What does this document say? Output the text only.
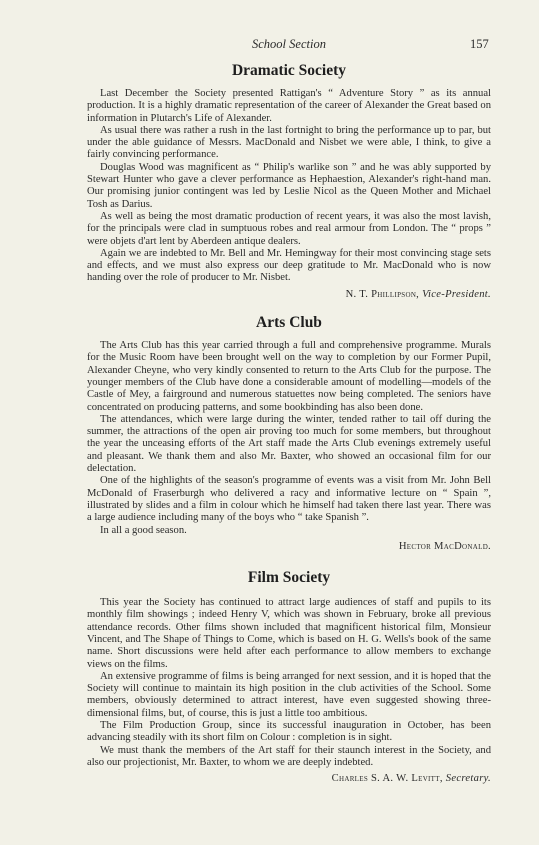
School Section	157
Dramatic Society

Last December the Society presented Rattigan's “ Adventure Story ” as its annual production. It is a highly dramatic representation of the career of Alexander the Great based on information in Plutarch's Life of Alexander.

As usual there was rather a rush in the last fortnight to bring the performance up to par, but under the able guidance of Messrs. MacDonald and Nisbet we were able, I think, to give a fairly convincing performance.

Douglas Wood was magnificent as “ Philip's warlike son ” and he was ably supported by Stewart Hunter who gave a clever performance as Hephaestion, Alexander's right-hand man. Our promising junior contingent was led by Leslie Nicol as the Queen Mother and Michael Tosh as Darius.

As well as being the most dramatic production of recent years, it was also the most lavish, for the principals were clad in sumptuous robes and real armour from London. The “ props ” were objets d'art lent by Aberdeen antique dealers.

Again we are indebted to Mr. Bell and Mr. Hemingway for their most convincing stage sets and effects, and we must also express our deep gratitude to Mr. MacDonald who is now handing over the role of producer to Mr. Nisbet.

N. T. Phillipson, Vice-President.
Arts Club

The Arts Club has this year carried through a full and comprehensive programme. Murals for the Music Room have been brought well on the way to completion by our Former Pupil, Alexander Cheyne, who very kindly consented to return to the Arts Club for the purpose. The younger members of the Club have done a considerable amount of modelling—models of the Castle of Mey, a fairground and numerous statuettes now being completed. The seniors have concentrated on producing patterns, and some bookbinding has also been done.

The attendances, which were large during the winter, tended rather to tail off during the summer, the attractions of the open air proving too much for some members, but throughout the year the unceasing efforts of the Art staff made the Arts Club evenings extremely useful and pleasant. We thank them and also Mr. Baxter, who showed an occasional film for our delectation.

One of the highlights of the season's programme of events was a visit from Mr. John Bell McDonald of Fraserburgh who delivered a racy and informative lecture on “ Spain ”, illustrated by slides and a film in colour which he himself had taken there last year. There was a large audience including many of the boys who “ take Spanish ”.

In all a good season.

Hector MacDonald.
Film Society

This year the Society has continued to attract large audiences of staff and pupils to its monthly film showings ; indeed Henry V, which was shown in February, broke all previous attendance records. Other films shown included that magnificent historical film, Monsieur Vincent, and The Shape of Things to Come, which is based on H. G. Wells's book of the same name. Short discussions were held after each performance to allow members to exchange views on the films.

An extensive programme of films is being arranged for next session, and it is hoped that the Society will continue to maintain its high position in the club activities of the School. Some members, obviously determined to attract interest, have even suggested showing three-dimensional films, but, of course, this is just a little too ambitious.

The Film Production Group, since its successful inauguration in October, has been advancing steadily with its short film on Colour : completion is in sight.

We must thank the members of the Art staff for their staunch interest in the Society, and also our projectionist, Mr. Baxter, to whom we are deeply indebted.

Charles S. A. W. Levitt, Secretary.
